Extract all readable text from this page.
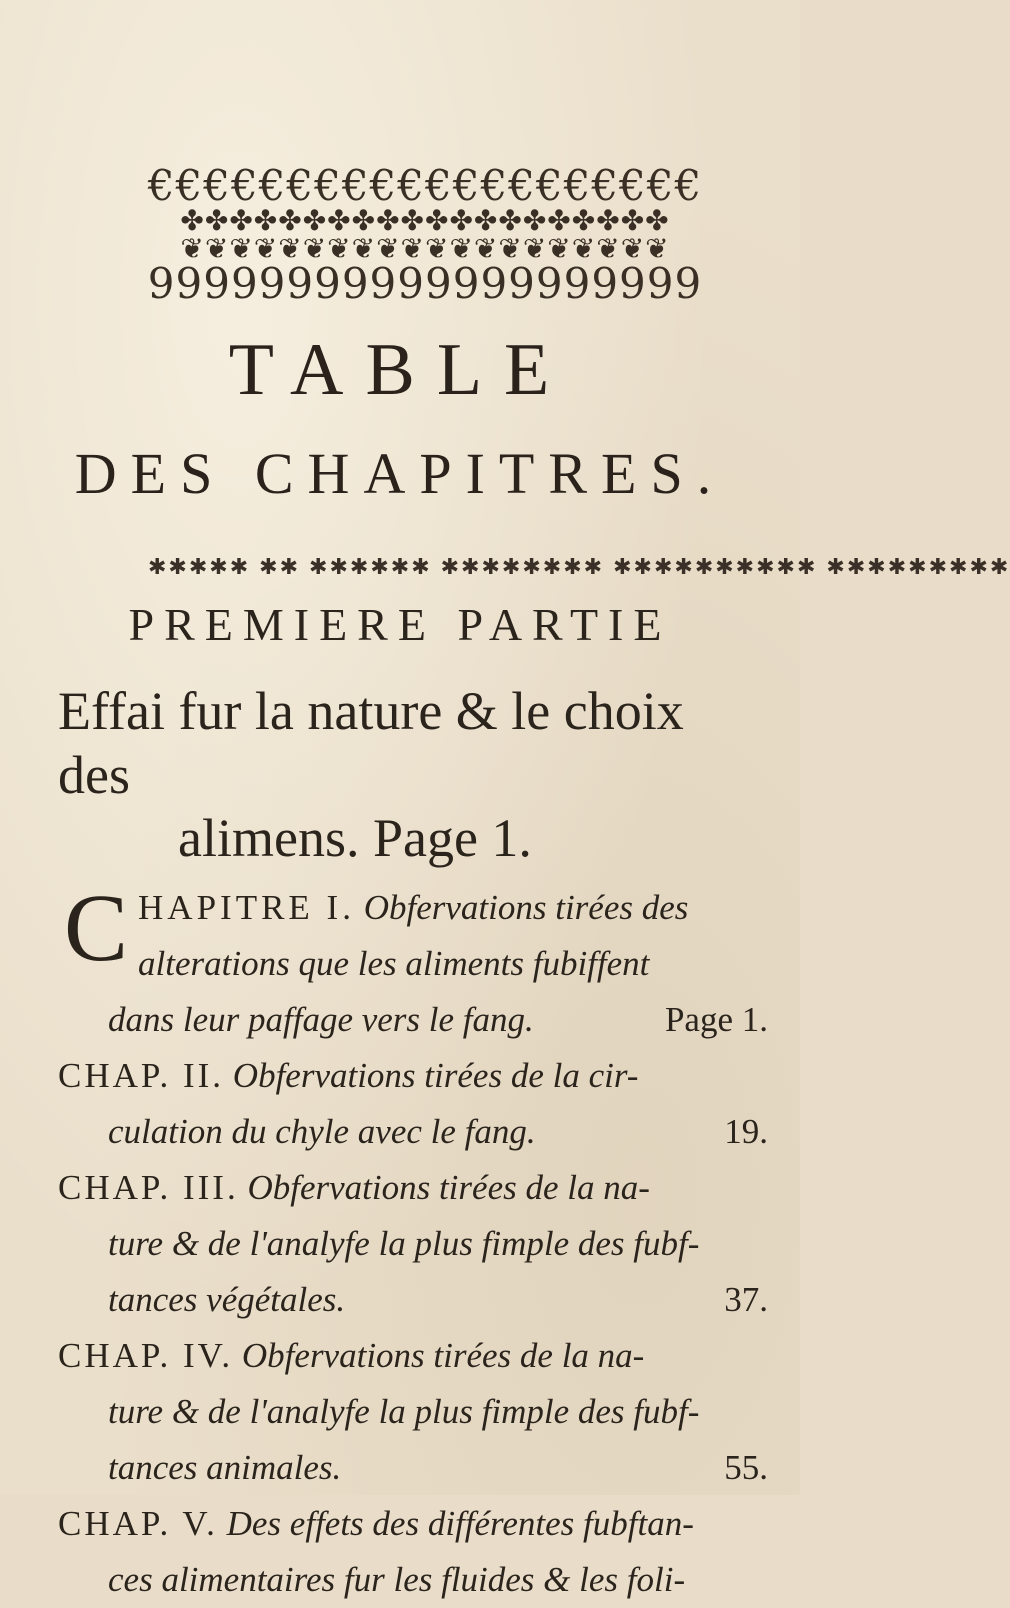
€€€€€€€€€€€€€€€€€€€€
✤✤✤✤✤✤✤✤✤✤✤✤✤✤✤✤✤✤✤✤
❦❦❦❦❦❦❦❦❦❦❦❦❦❦❦❦❦❦❦❦
99999999999999999999
TABLE
DES CHAPITRES.
✱✱✱✱✱ ✱✱ ✱✱✱✱✱✱ ✱✱✱✱✱✱✱✱ ✱✱✱✱✱✱✱✱✱✱ ✱✱✱✱✱✱✱✱✱
PREMIERE PARTIE
Effai fur la nature & le choix des
alimens. Page 1.
C HAPITRE I. Obfervations tirées des
alterations que les aliments fubiffent
dans leur paffage vers le fang.	Page 1.
CHAP. II. Obfervations tirées de la cir-
culation du chyle avec le fang.	19.
CHAP. III. Obfervations tirées de la na-
ture & de l'analyfe la plus fimple des fubf-
tances végétales.	37.
CHAP. IV. Obfervations tirées de la na-
ture & de l'analyfe la plus fimple des fubf-
tances animales.	55.
CHAP. V. Des effets des différentes fubftan-
ces alimentaires fur les fluides & les foli-
